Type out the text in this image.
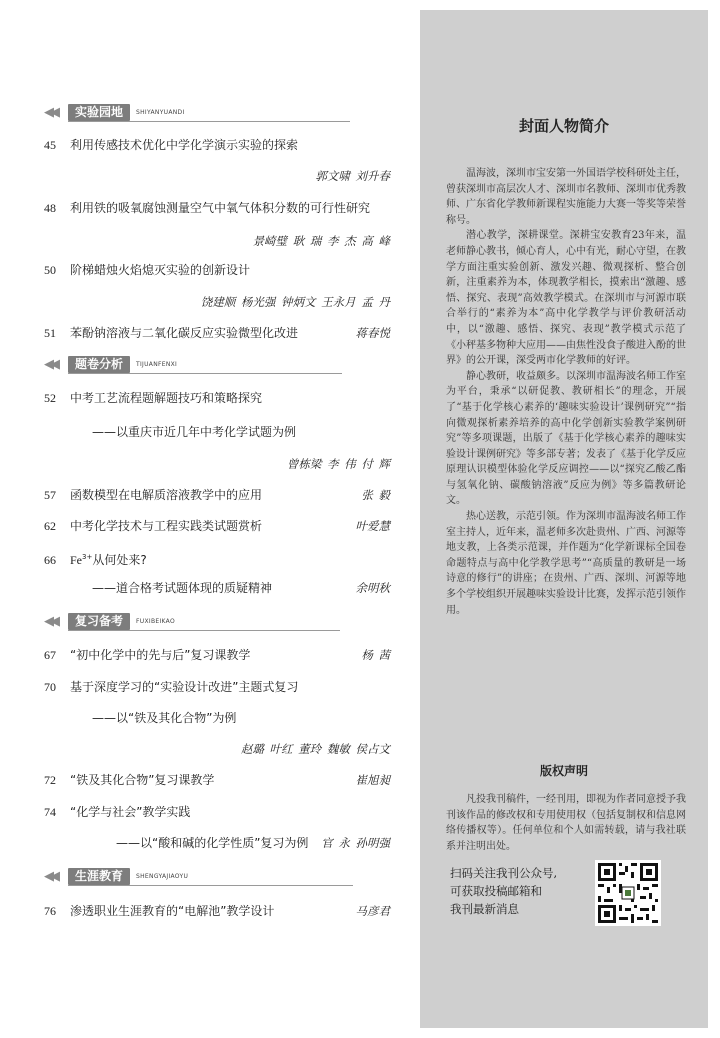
◀◀	实验园地	SHIYANYUANDI
45 利用传感技术优化中学化学演示实验的探索
郭文啸 刘升春
48 利用铁的吸氧腐蚀测量空气中氧气体积分数的可行性研究
景崎璧 耿 瑞 李 杰 高 峰
50 阶梯蜡烛火焰熄灭实验的创新设计
饶建顺 杨光强 钟炳文 王永月 孟 丹
51 苯酚钠溶液与二氧化碳反应实验微型化改进	蒋春悦
◀◀	题卷分析	TIJUANFENXI
52 中考工艺流程题解题技巧和策略探究
——以重庆市近几年中考化学试题为例
曾栋梁 李 伟 付 辉
57 函数模型在电解质溶液教学中的应用	张 毅
62 中考化学技术与工程实践类试题赏析	叶爱慧
66 $Fe^{3+}$从何处来?
——道合格考试题体现的质疑精神	余明秋
◀◀	复习备考	FUXIBEIKAO
67 “初中化学中的先与后”复习课教学	杨 茜
70 基于深度学习的“实验设计改进”主题式复习
——以“铁及其化合物”为例
赵璐 叶红 董玲 魏敏 侯占文
72 “铁及其化合物”复习课教学	崔旭昶
74 “化学与社会”教学实践
——以“酸和碱的化学性质”复习为例 官 永 孙明强
◀◀	生涯教育	SHENGYAJIAOYU
76 渗透职业生涯教育的“电解池”教学设计	马彦君
封面人物简介

温海波，深圳市宝安第一外国语学校科研处主任，曾获深圳市高层次人才、深圳市名教师、深圳市优秀教师、广东省化学教师新课程实施能力大赛一等奖等荣誉称号。

潜心教学，深耕课堂。深耕宝安教育23年来，温老师静心教书，倾心育人，心中有光，耐心守望，在教学方面注重实验创新、激发兴趣、微观探析、整合创新，注重素养为本，体现教学相长，摸索出“激趣、感悟、探究、表现”高效教学模式。在深圳市与河源市联合举行的“素养为本”高中化学教学与评价教研活动中，以“激趣、感悟、探究、表现”教学模式示范了《小秤基多物种大应用——由焦性没食子酸进入酚的世界》的公开课，深受两市化学教师的好评。

静心教研，收益颇多。以深圳市温海波名师工作室为平台，秉承“以研促教、教研相长”的理念，开展了“基于化学核心素养的‘趣味实验设计’课例研究”“指向微观探析素养培养的高中化学创新实验教学案例研究”等多项课题，出版了《基于化学核心素养的趣味实验设计课例研究》等多部专著；发表了《基于化学反应原理认识模型体验化学反应调控——以“探究乙酸乙酯与氢氧化钠、碳酸钠溶液”反应为例》等多篇教研论文。

热心送教，示范引领。作为深圳市温海波名师工作室主持人，近年来，温老师多次赴贵州、广西、河源等地支教，上各类示范课，并作题为“化学新课标全国卷命题特点与高中化学教学思考”“高质量的教研是一场诗意的修行”的讲座；在贵州、广西、深圳、河源等地多个学校组织开展趣味实验设计比赛，发挥示范引领作用。

版权声明

凡投我刊稿件，一经刊用，即视为作者同意授予我刊该作品的修改权和专用使用权（包括复制权和信息网络传播权等）。任何单位和个人如需转载，请与我社联系并注明出处。

扫码关注我刊公众号,
可获取投稿邮箱和
我刊最新消息
